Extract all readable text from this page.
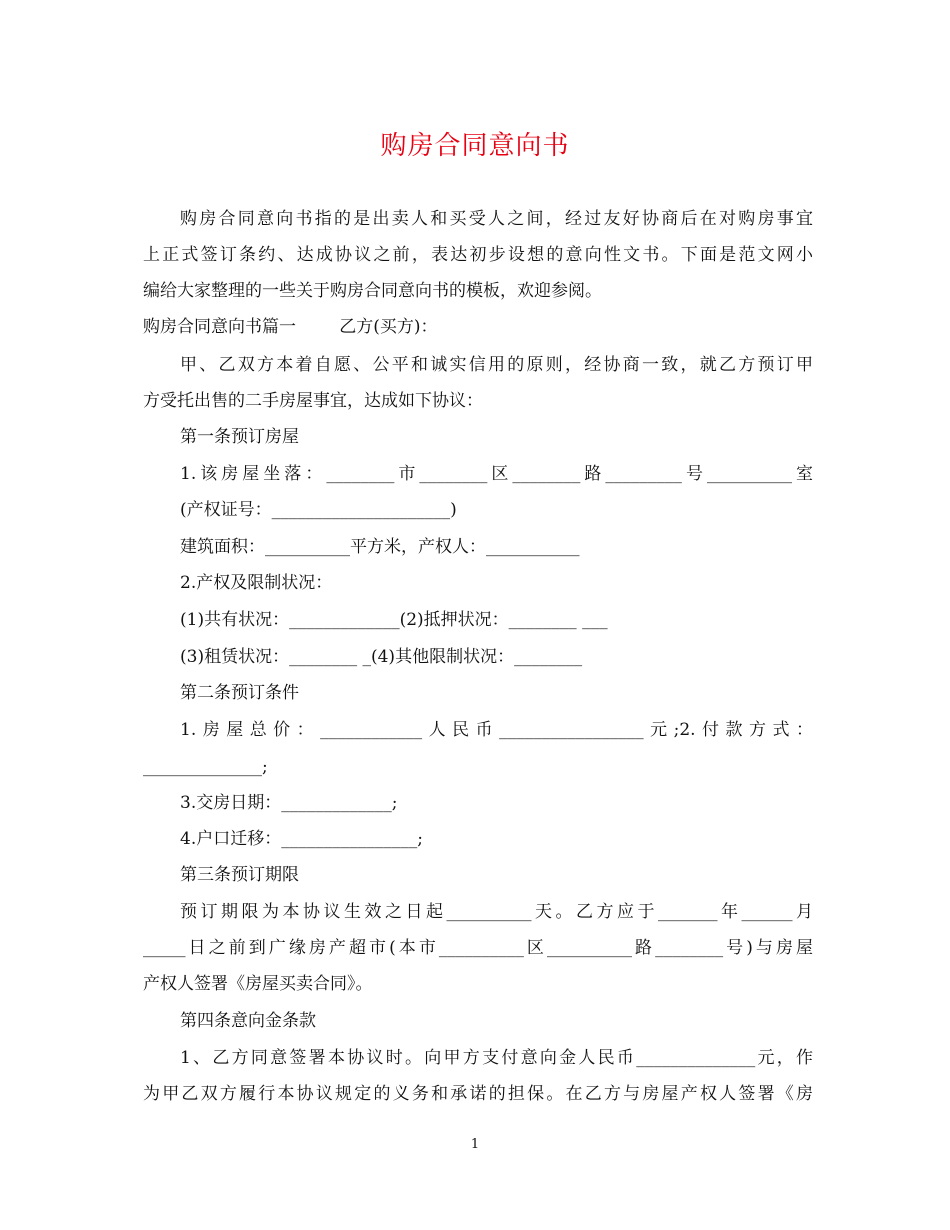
购房合同意向书
购房合同意向书指的是出卖人和买受人之间，经过友好协商后在对购房事宜
上正式签订条约、达成协议之前，表达初步设想的意向性文书。下面是范文网小
编给大家整理的一些关于购房合同意向书的模板，欢迎参阅。
购房合同意向书篇一        乙方(买方)：
甲、乙双方本着自愿、公平和诚实信用的原则，经协商一致，就乙方预订甲
方受托出售的二手房屋事宜，达成如下协议：
第一条预订房屋
1.该房屋坐落：________市________区________路_________号__________室
(产权证号：_____________________)
建筑面积：__________平方米，产权人：___________
2.产权及限制状况：
(1)共有状况：_____________(2)抵押状况：________ ___
(3)租赁状况：________ _(4)其他限制状况：________
第二条预订条件
1.房屋总价：____________人民币_________________元;2.付款方式：
______________;
3.交房日期：_____________;
4.户口迁移：________________;
第三条预订期限
预订期限为本协议生效之日起__________天。乙方应于_______年______月
_____日之前到广缘房产超市(本市__________区__________路________号)与房屋
产权人签署《房屋买卖合同》。
第四条意向金条款
1、乙方同意签署本协议时。向甲方支付意向金人民币______________元，作
为甲乙双方履行本协议规定的义务和承诺的担保。在乙方与房屋产权人签署《房
1
